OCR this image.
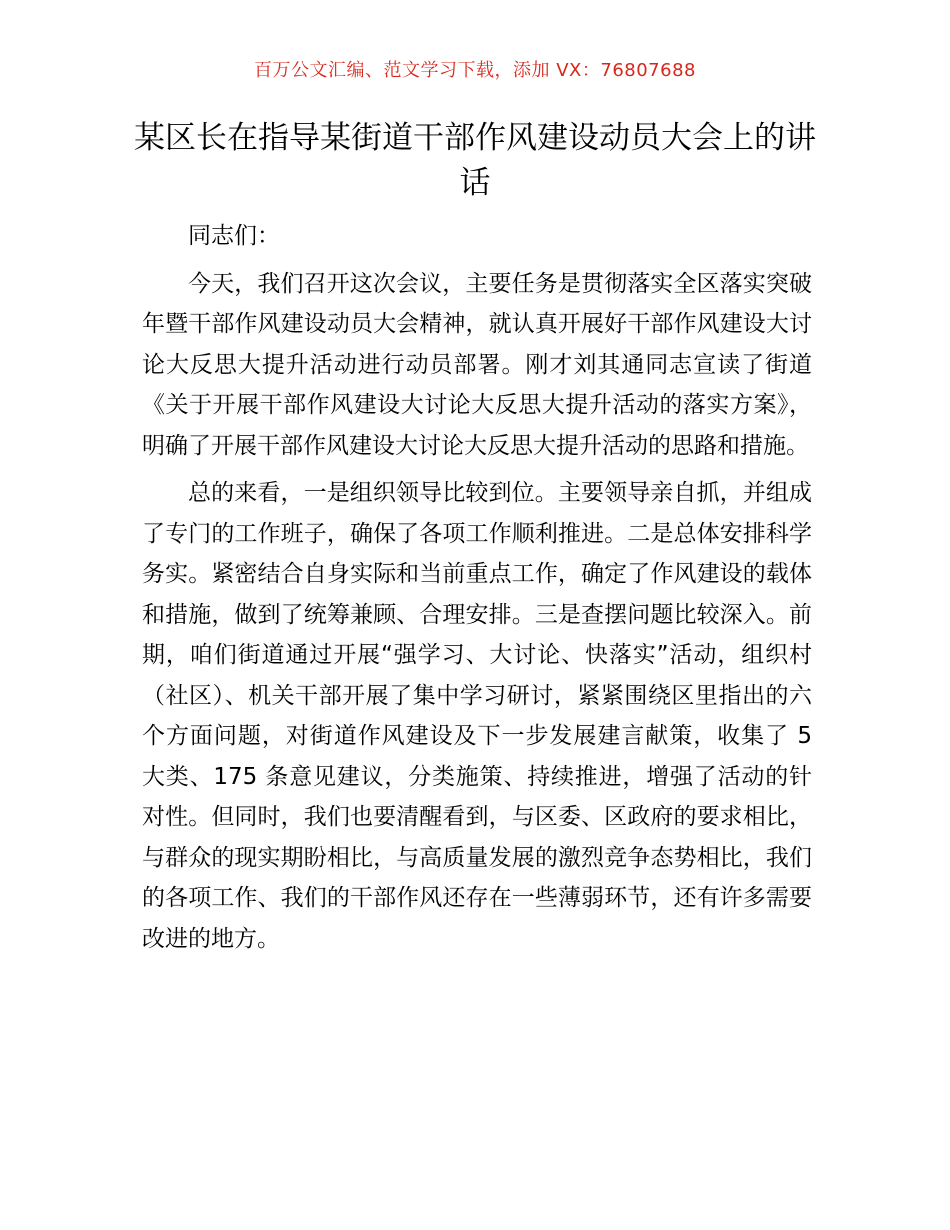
百万公文汇编、范文学习下载，添加 VX：76807688
某区长在指导某街道干部作风建设动员大会上的讲话

同志们：

今天，我们召开这次会议，主要任务是贯彻落实全区落实突破年暨干部作风建设动员大会精神，就认真开展好干部作风建设大讨论大反思大提升活动进行动员部署。刚才刘其通同志宣读了街道《关于开展干部作风建设大讨论大反思大提升活动的落实方案》，明确了开展干部作风建设大讨论大反思大提升活动的思路和措施。

总的来看，一是组织领导比较到位。主要领导亲自抓，并组成了专门的工作班子，确保了各项工作顺利推进。二是总体安排科学务实。紧密结合自身实际和当前重点工作，确定了作风建设的载体和措施，做到了统筹兼顾、合理安排。三是查摆问题比较深入。前期，咱们街道通过开展“强学习、大讨论、快落实”活动，组织村（社区）、机关干部开展了集中学习研讨，紧紧围绕区里指出的六个方面问题，对街道作风建设及下一步发展建言献策，收集了 5 大类、175 条意见建议，分类施策、持续推进，增强了活动的针对性。但同时，我们也要清醒看到，与区委、区政府的要求相比，与群众的现实期盼相比，与高质量发展的激烈竞争态势相比，我们的各项工作、我们的干部作风还存在一些薄弱环节，还有许多需要改进的地方。
